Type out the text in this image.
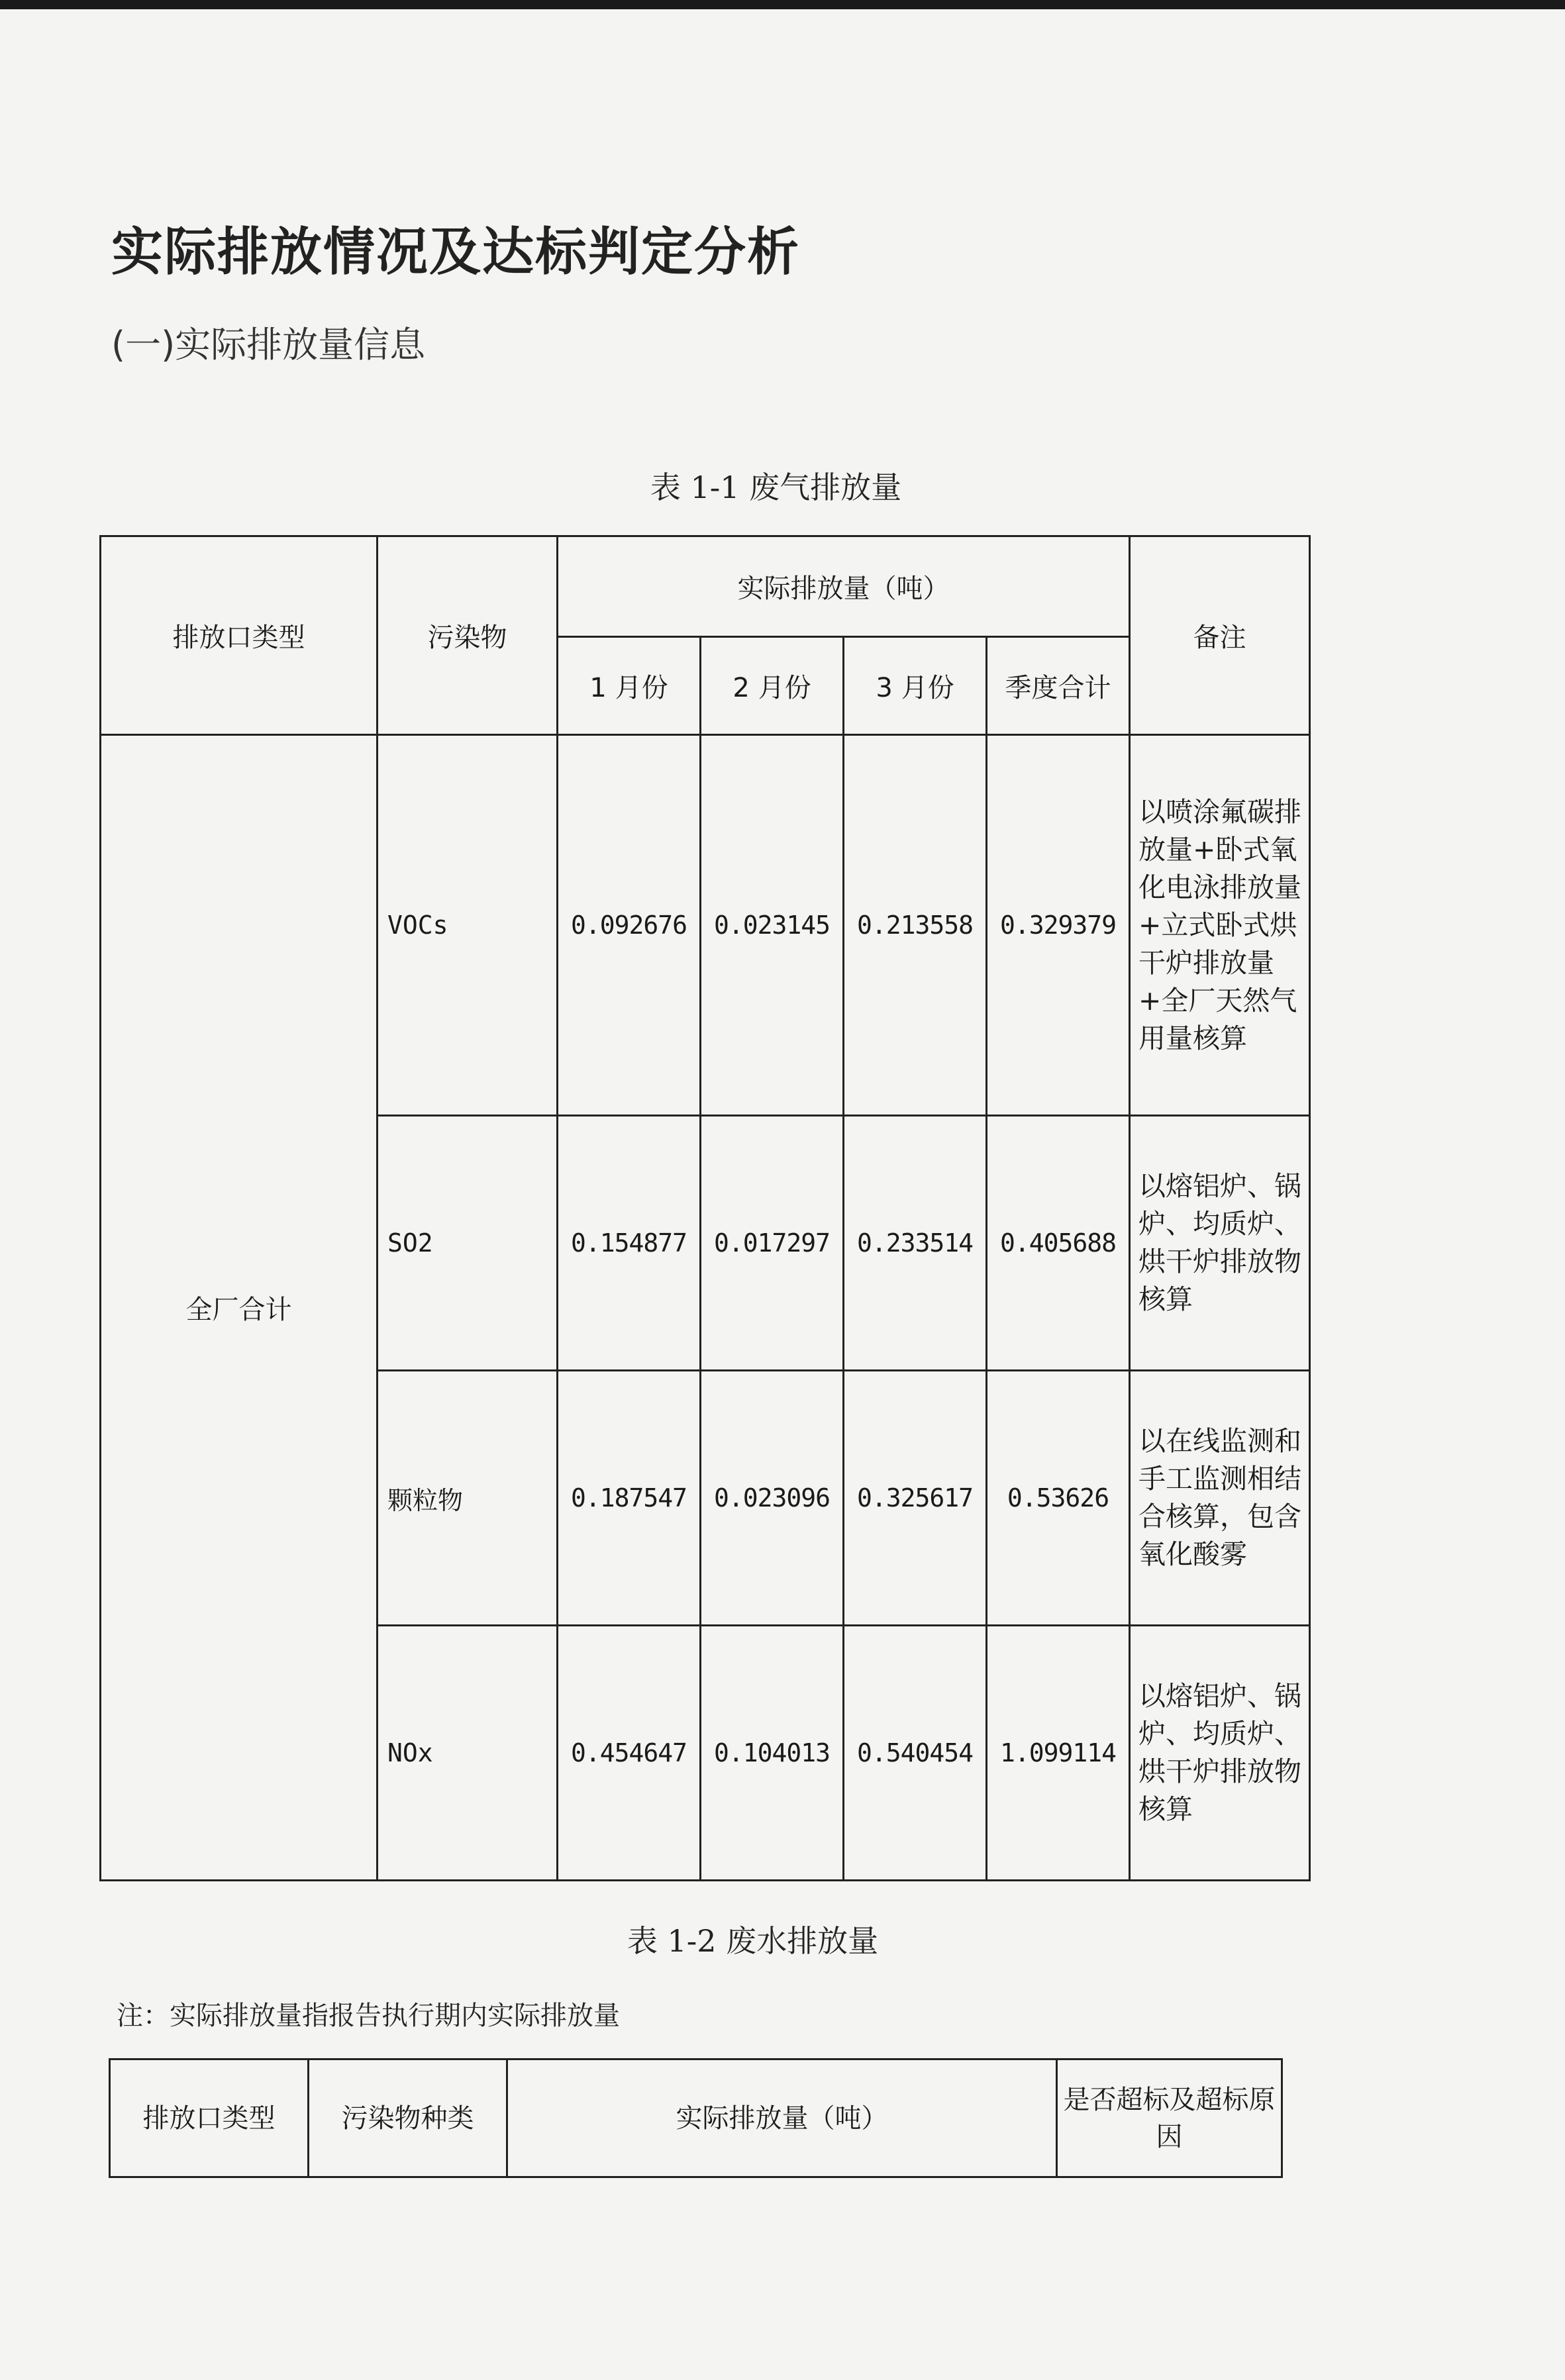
实际排放情况及达标判定分析
(一)实际排放量信息
表 1-1 废气排放量
排放口类型	污染物	实际排放量（吨）				备注
		1 月份	2 月份	3 月份	季度合计	
全厂合计	VOCs	0.092676	0.023145	0.213558	0.329379	以喷涂氟碳排放量+卧式氧化电泳排放量+立式卧式烘干炉排放量+全厂天然气用量核算
	SO2	0.154877	0.017297	0.233514	0.405688	以熔铝炉、锅炉、均质炉、烘干炉排放物核算
	颗粒物	0.187547	0.023096	0.325617	0.53626	以在线监测和手工监测相结合核算，包含氧化酸雾
	NOx	0.454647	0.104013	0.540454	1.099114	以熔铝炉、锅炉、均质炉、烘干炉排放物核算
表 1-2 废水排放量
注：实际排放量指报告执行期内实际排放量
排放口类型	污染物种类	实际排放量（吨）	是否超标及超标原因
